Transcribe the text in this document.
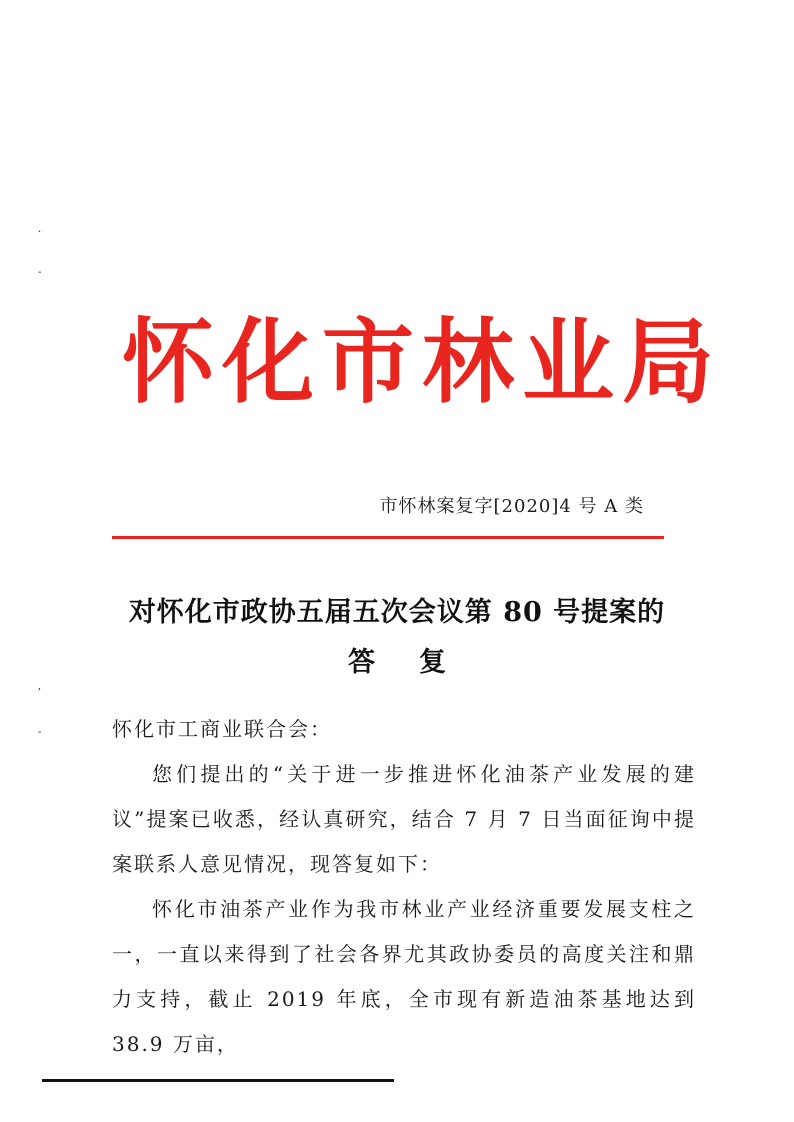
·
-
,
-
怀化市林业局
市怀林案复字[2020]4 号 A 类
对怀化市政协五届五次会议第 80 号提案的
答复
怀化市工商业联合会：

您们提出的“关于进一步推进怀化油茶产业发展的建议”提案已收悉，经认真研究，结合 7 月 7 日当面征询中提案联系人意见情况，现答复如下：

怀化市油茶产业作为我市林业产业经济重要发展支柱之一，一直以来得到了社会各界尤其政协委员的高度关注和鼎力支持，截止 2019 年底，全市现有新造油茶基地达到 38.9 万亩，
